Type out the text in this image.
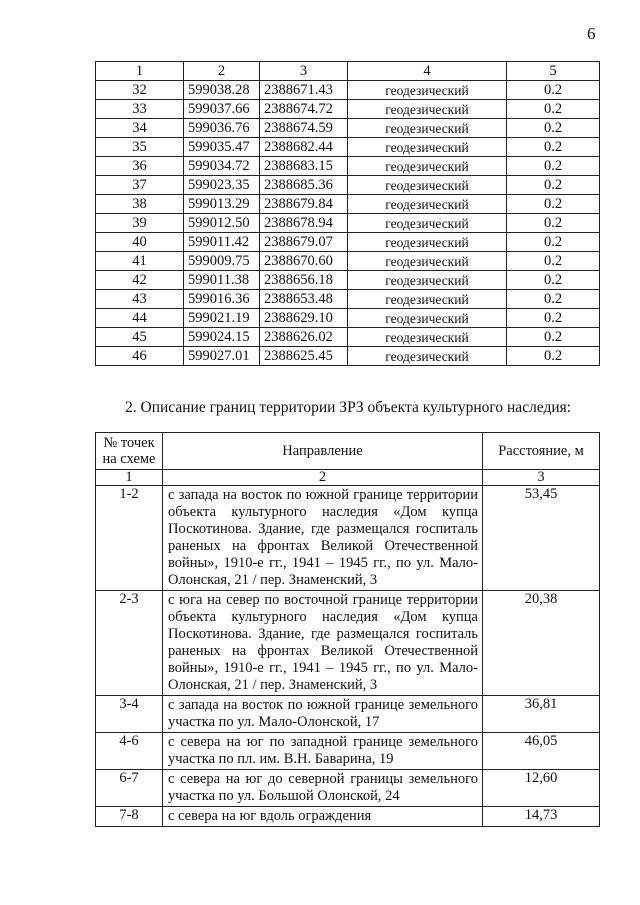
6
1	2	3	4	5
32	599038.28	2388671.43	геодезический	0.2
33	599037.66	2388674.72	геодезический	0.2
34	599036.76	2388674.59	геодезический	0.2
35	599035.47	2388682.44	геодезический	0.2
36	599034.72	2388683.15	геодезический	0.2
37	599023.35	2388685.36	геодезический	0.2
38	599013.29	2388679.84	геодезический	0.2
39	599012.50	2388678.94	геодезический	0.2
40	599011.42	2388679.07	геодезический	0.2
41	599009.75	2388670.60	геодезический	0.2
42	599011.38	2388656.18	геодезический	0.2
43	599016.36	2388653.48	геодезический	0.2
44	599021.19	2388629.10	геодезический	0.2
45	599024.15	2388626.02	геодезический	0.2
46	599027.01	2388625.45	геодезический	0.2
2. Описание границ территории ЗРЗ объекта культурного наследия:
№ точек
на схеме	Направление	Расстояние, м
1	2	3
1-2	с запада на восток по южной границе территории объекта культурного наследия «Дом купца Поскотинова. Здание, где размещался госпиталь раненых на фронтах Великой Отечественной войны», 1910-е гг., 1941 – 1945 гг., по ул. Мало-Олонская, 21 / пер. Знаменский, 3	53,45
2-3	с юга на север по восточной границе территории объекта культурного наследия «Дом купца Поскотинова. Здание, где размещался госпиталь раненых на фронтах Великой Отечественной войны», 1910-е гг., 1941 – 1945 гг., по ул. Мало-Олонская, 21 / пер. Знаменский, 3	20,38
3-4	с запада на восток по южной границе земельного участка по ул. Мало-Олонской, 17	36,81
4-6	с севера на юг по западной границе земельного участка по пл. им. В.Н. Баварина, 19	46,05
6-7	с севера на юг до северной границы земельного участка по ул. Большой Олонской, 24	12,60
7-8	с севера на юг вдоль ограждения	14,73
